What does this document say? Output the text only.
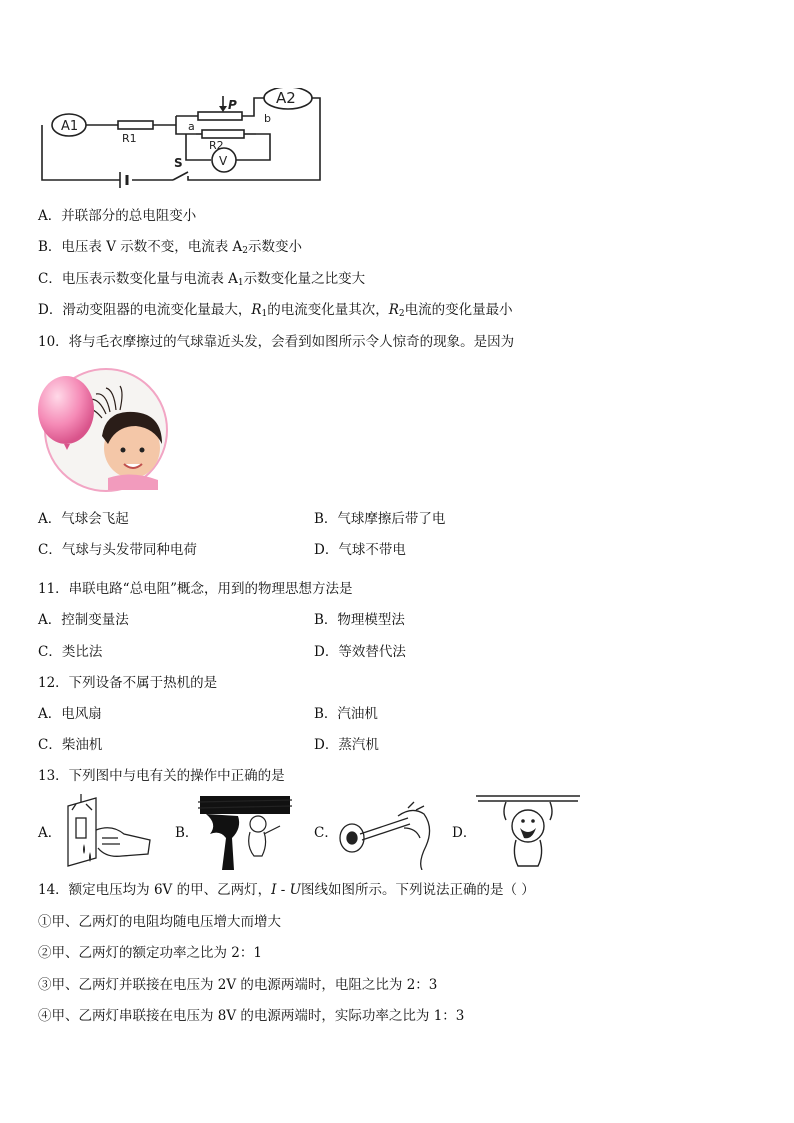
A1
A2
V
R1
R2
P
a
b
S
A．并联部分的总电阻变小
B．电压表 V 示数不变，电流表 $A_2$示数变小
C．电压表示数变化量与电流表 $A_1$示数变化量之比变大
D．滑动变阻器的电流变化量最大，$R_1$的电流变化量其次，$R_2$电流的变化量最小
10．将与毛衣摩擦过的气球靠近头发，会看到如图所示令人惊奇的现象。是因为
A．气球会飞起	B．气球摩擦后带了电
C．气球与头发带同种电荷	D．气球不带电
11．串联电路“总电阻”概念，用到的物理思想方法是
A．控制变量法	B．物理模型法
C．类比法	D．等效替代法
12．下列设备不属于热机的是
A．电风扇	B．汽油机
C．柴油机	D．蒸汽机
13．下列图中与电有关的操作中正确的是
A．	B．	C．	D．
14．额定电压均为 6V 的甲、乙两灯，I - U图线如图所示。下列说法正确的是（ ）
①甲、乙两灯的电阻均随电压增大而增大
②甲、乙两灯的额定功率之比为 2：1
③甲、乙两灯并联接在电压为 2V 的电源两端时，电阻之比为 2：3
④甲、乙两灯串联接在电压为 8V 的电源两端时，实际功率之比为 1：3
